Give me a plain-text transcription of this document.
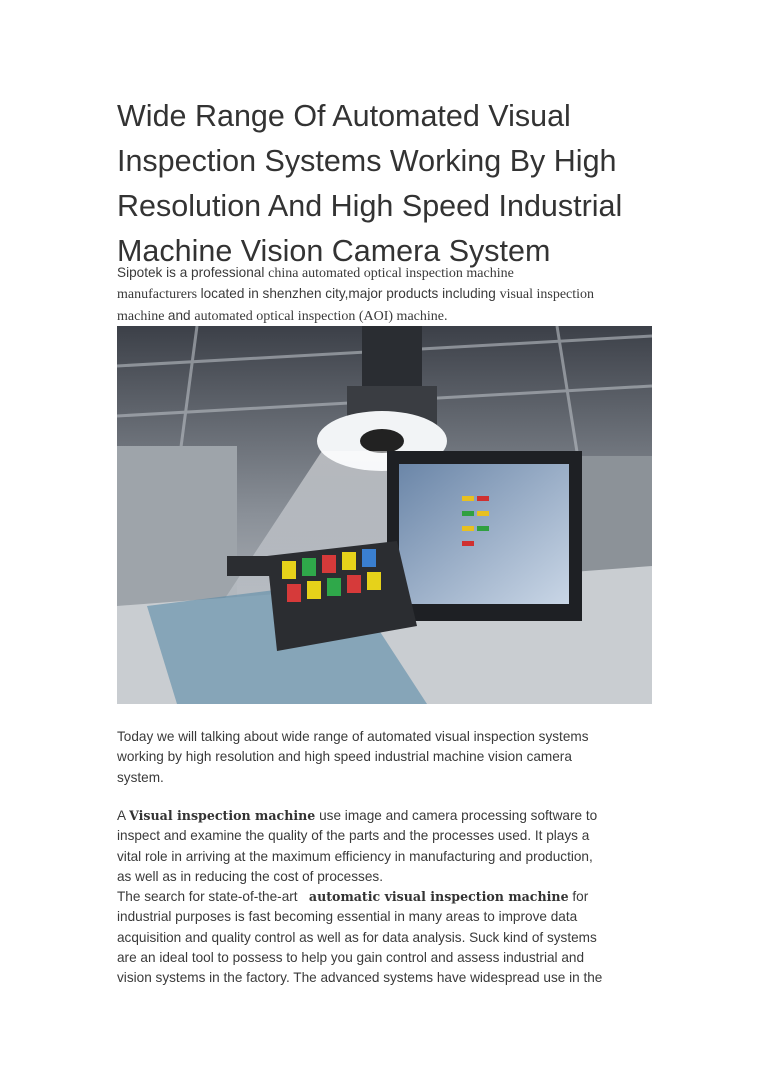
Wide Range Of Automated Visual
Inspection Systems Working By High
Resolution And High Speed Industrial
Machine Vision Camera System
Sipotek is a professional china automated optical inspection machine
manufacturers located in shenzhen city,major products including visual inspection
machine and automated optical inspection (AOI) machine.
Today we will talking about wide range of automated visual inspection systems
working by high resolution and high speed industrial machine vision camera
system.
A Visual inspection machine use image and camera processing software to
inspect and examine the quality of the parts and the processes used. It plays a
vital role in arriving at the maximum efficiency in manufacturing and production,
as well as in reducing the cost of processes.
The search for state-of-the-art   automatic visual inspection machine for
industrial purposes is fast becoming essential in many areas to improve data
acquisition and quality control as well as for data analysis. Suck kind of systems
are an ideal tool to possess to help you gain control and assess industrial and
vision systems in the factory. The advanced systems have widespread use in the
